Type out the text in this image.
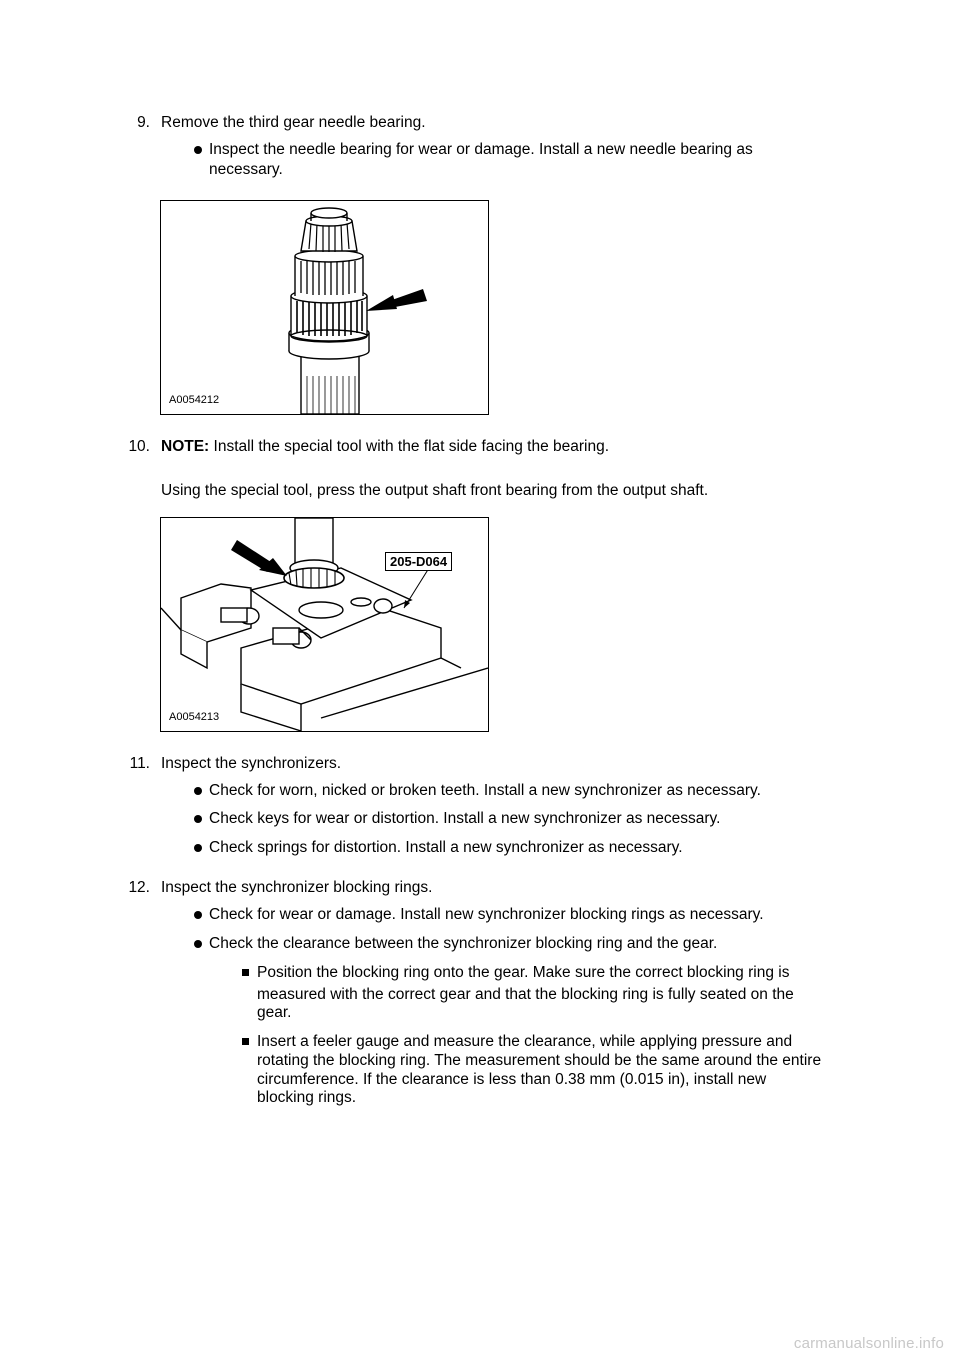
9. Remove the third gear needle bearing.
Inspect the needle bearing for wear or damage. Install a new needle bearing as
necessary.
A0054212
10. NOTE: Install the special tool with the flat side facing the bearing.
Using the special tool, press the output shaft front bearing from the output shaft.
205-D064
A0054213
11. Inspect the synchronizers.
Check for worn, nicked or broken teeth. Install a new synchronizer as necessary.
Check keys for wear or distortion. Install a new synchronizer as necessary.
Check springs for distortion. Install a new synchronizer as necessary.
12. Inspect the synchronizer blocking rings.
Check for wear or damage. Install new synchronizer blocking rings as necessary.
Check the clearance between the synchronizer blocking ring and the gear.
Position the blocking ring onto the gear. Make sure the correct blocking ring is
measured with the correct gear and that the blocking ring is fully seated on the
gear.
Insert a feeler gauge and measure the clearance, while applying pressure and
rotating the blocking ring. The measurement should be the same around the entire
circumference. If the clearance is less than 0.38 mm (0.015 in), install new
blocking rings.
carmanualsonline.info
